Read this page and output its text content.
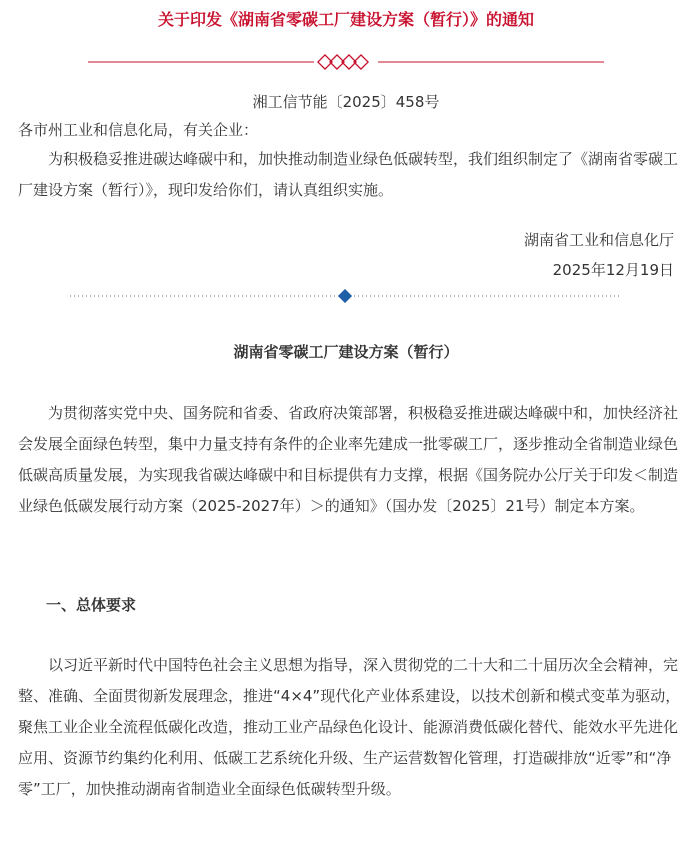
关于印发《湖南省零碳工厂建设方案（暂行）》的通知
湘工信节能〔2025〕458号
各市州工业和信息化局，有关企业：

为积极稳妥推进碳达峰碳中和，加快推动制造业绿色低碳转型，我们组织制定了《湖南省零碳工厂建设方案（暂行）》，现印发给你们，请认真组织实施。

湖南省工业和信息化厅
2025年12月19日
湖南省零碳工厂建设方案（暂行）

为贯彻落实党中央、国务院和省委、省政府决策部署，积极稳妥推进碳达峰碳中和，加快经济社会发展全面绿色转型，集中力量支持有条件的企业率先建成一批零碳工厂，逐步推动全省制造业绿色低碳高质量发展，为实现我省碳达峰碳中和目标提供有力支撑，根据《国务院办公厅关于印发＜制造业绿色低碳发展行动方案（2025-2027年）＞的通知》（国办发〔2025〕21号）制定本方案。

一、总体要求

以习近平新时代中国特色社会主义思想为指导，深入贯彻党的二十大和二十届历次全会精神，完整、准确、全面贯彻新发展理念，推进“4×4”现代化产业体系建设，以技术创新和模式变革为驱动，聚焦工业企业全流程低碳化改造，推动工业产品绿色化设计、能源消费低碳化替代、能效水平先进化应用、资源节约集约化利用、低碳工艺系统化升级、生产运营数智化管理，打造碳排放“近零”和“净零”工厂，加快推动湖南省制造业全面绿色低碳转型升级。
